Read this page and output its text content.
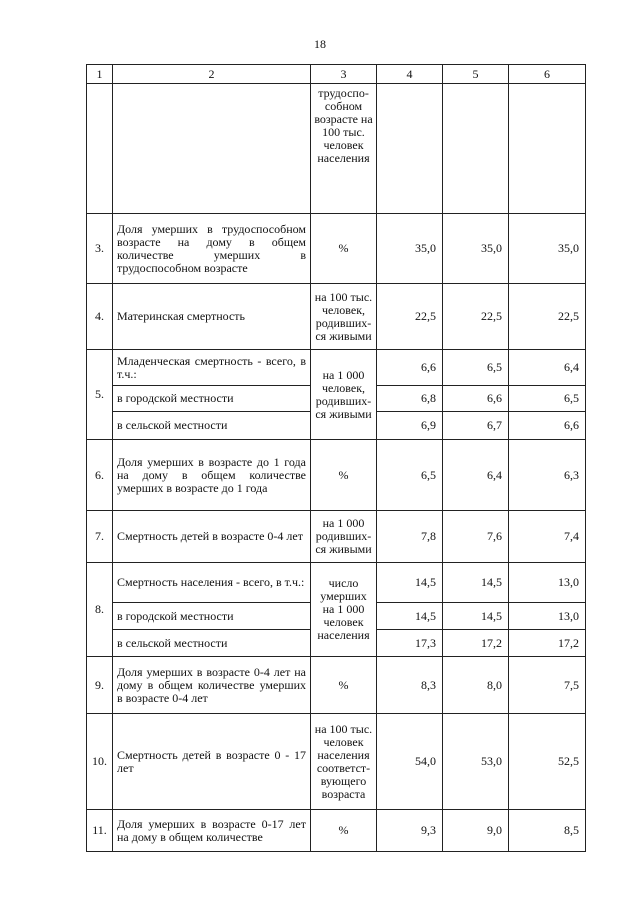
18
1	2	3	4	5	6
		трудоспо-собном возрасте на 100 тыс. человек населения			
3.	Доля умерших в трудоспособном возрасте на дому в общем количестве умерших в трудоспособном возрасте	%	35,0	35,0	35,0
4.	Материнская смертность	на 100 тыс. человек, родивших-ся живыми	22,5	22,5	22,5
5.	Младенческая смертность - всего, в т.ч.:	на 1 000 человек, родивших-ся живыми	6,6	6,5	6,4
	в городской местности		6,8	6,6	6,5
	в сельской местности		6,9	6,7	6,6
6.	Доля умерших в возрасте до 1 года на дому в общем количестве умерших в возрасте до 1 года	%	6,5	6,4	6,3
7.	Смертность детей в возрасте 0-4 лет	на 1 000 родивших-ся живыми	7,8	7,6	7,4
8.	Смертность населения - всего, в т.ч.:	число умерших на 1 000 человек населения	14,5	14,5	13,0
	в городской местности		14,5	14,5	13,0
	в сельской местности		17,3	17,2	17,2
9.	Доля умерших в возрасте 0-4 лет на дому в общем количестве умерших в возрасте 0-4 лет	%	8,3	8,0	7,5
10.	Смертность детей в возрасте 0 - 17 лет	на 100 тыс. человек населения соответст-вующего возраста	54,0	53,0	52,5
11.	Доля умерших в возрасте 0-17 лет на дому в общем количестве	%	9,3	9,0	8,5
